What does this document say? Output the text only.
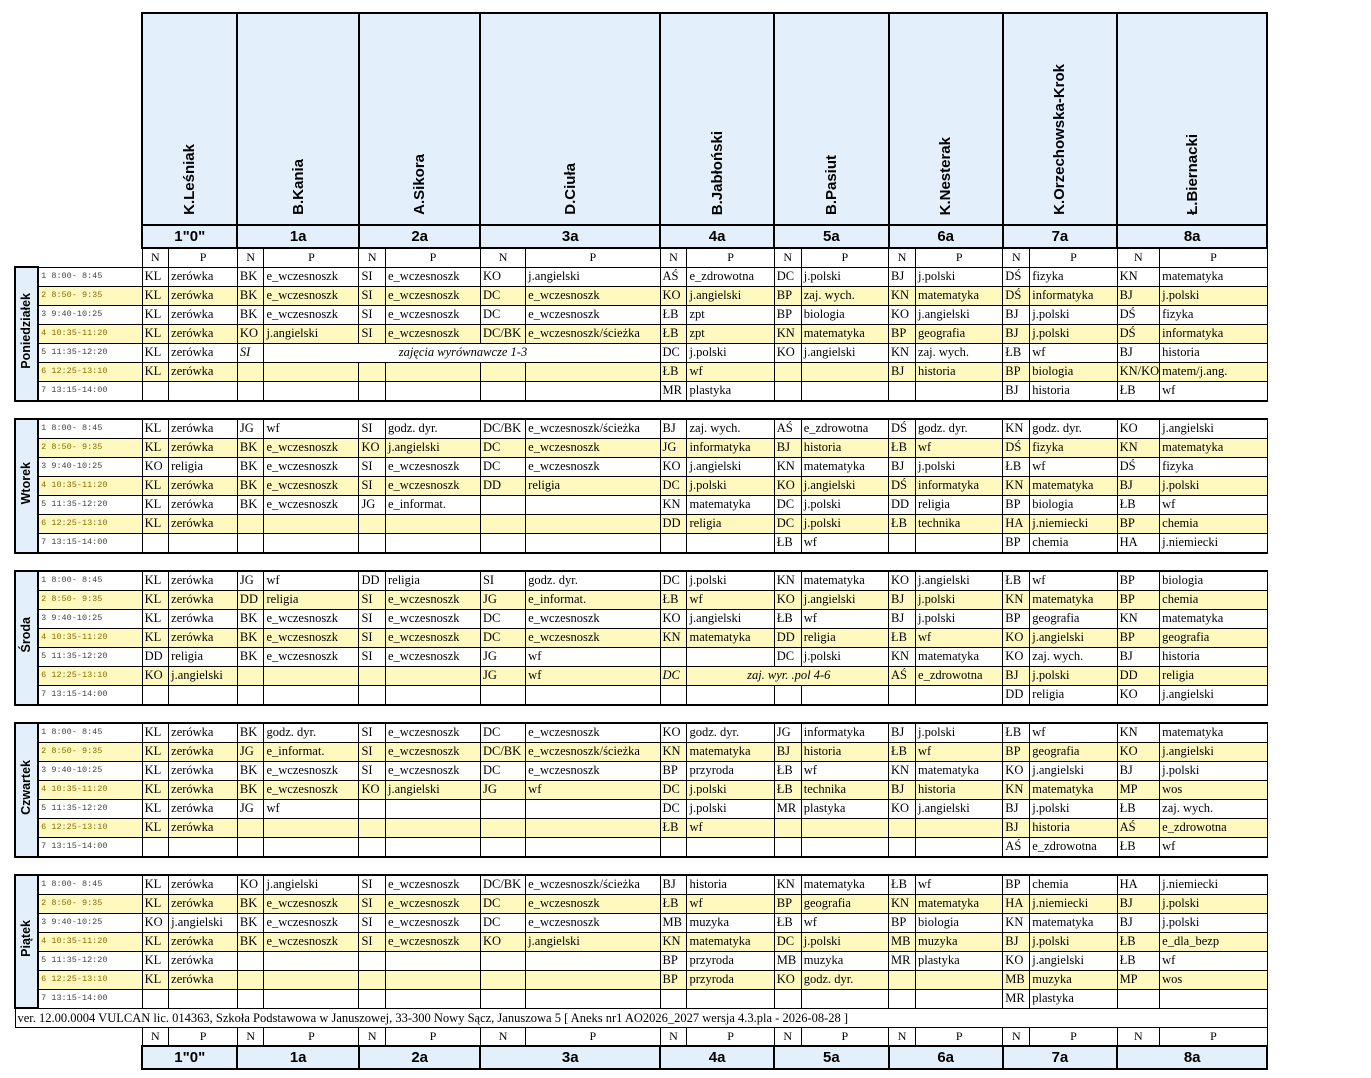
		K.Leśniak		B.Kania		A.Sikora		D.Ciuła		B.Jabłoński		B.Pasiut		K.Nesterak		K.Orzechowska-Krok		Ł.Biernacki	
		1"0"		1a		2a		3a		4a		5a		6a		7a		8a	
		N	P	N	P	N	P	N	P	N	P	N	P	N	P	N	P	N	P
Poniedziałek	1 8:00- 8:45	KL	zerówka	BK	e_wczesnoszk	SI	e_wczesnoszk	KO	j.angielski	AŚ	e_zdrowotna	DC	j.polski	BJ	j.polski	DŚ	fizyka	KN	matematyka
	2 8:50- 9:35	KL	zerówka	BK	e_wczesnoszk	SI	e_wczesnoszk	DC	e_wczesnoszk	KO	j.angielski	BP	zaj. wych.	KN	matematyka	DŚ	informatyka	BJ	j.polski
	3 9:40-10:25	KL	zerówka	BK	e_wczesnoszk	SI	e_wczesnoszk	DC	e_wczesnoszk	ŁB	zpt	BP	biologia	KO	j.angielski	BJ	j.polski	DŚ	fizyka
	4 10:35-11:20	KL	zerówka	KO	j.angielski	SI	e_wczesnoszk	DC/BK	e_wczesnoszk/ścieżka	ŁB	zpt	KN	matematyka	BP	geografia	BJ	j.polski	DŚ	informatyka
	5 11:35-12:20	KL	zerówka	SI	zajęcia wyrównawcze 1-3					DC	j.polski	KO	j.angielski	KN	zaj. wych.	ŁB	wf	BJ	historia
	6 12:25-13:10	KL	zerówka							ŁB	wf			BJ	historia	BP	biologia	KN/KO	matem/j.ang.
	7 13:15-14:00									MR	plastyka					BJ	historia	ŁB	wf

Wtorek	1 8:00- 8:45	KL	zerówka	JG	wf	SI	godz. dyr.	DC/BK	e_wczesnoszk/ścieżka	BJ	zaj. wych.	AŚ	e_zdrowotna	DŚ	godz. dyr.	KN	godz. dyr.	KO	j.angielski
	2 8:50- 9:35	KL	zerówka	BK	e_wczesnoszk	KO	j.angielski	DC	e_wczesnoszk	JG	informatyka	BJ	historia	ŁB	wf	DŚ	fizyka	KN	matematyka
	3 9:40-10:25	KO	religia	BK	e_wczesnoszk	SI	e_wczesnoszk	DC	e_wczesnoszk	KO	j.angielski	KN	matematyka	BJ	j.polski	ŁB	wf	DŚ	fizyka
	4 10:35-11:20	KL	zerówka	BK	e_wczesnoszk	SI	e_wczesnoszk	DD	religia	DC	j.polski	KO	j.angielski	DŚ	informatyka	KN	matematyka	BJ	j.polski
	5 11:35-12:20	KL	zerówka	BK	e_wczesnoszk	JG	e_informat.			KN	matematyka	DC	j.polski	DD	religia	BP	biologia	ŁB	wf
	6 12:25-13:10	KL	zerówka							DD	religia	DC	j.polski	ŁB	technika	HA	j.niemiecki	BP	chemia
	7 13:15-14:00											ŁB	wf			BP	chemia	HA	j.niemiecki

Środa	1 8:00- 8:45	KL	zerówka	JG	wf	DD	religia	SI	godz. dyr.	DC	j.polski	KN	matematyka	KO	j.angielski	ŁB	wf	BP	biologia
	2 8:50- 9:35	KL	zerówka	DD	religia	SI	e_wczesnoszk	JG	e_informat.	ŁB	wf	KO	j.angielski	BJ	j.polski	KN	matematyka	BP	chemia
	3 9:40-10:25	KL	zerówka	BK	e_wczesnoszk	SI	e_wczesnoszk	DC	e_wczesnoszk	KO	j.angielski	ŁB	wf	BJ	j.polski	BP	geografia	KN	matematyka
	4 10:35-11:20	KL	zerówka	BK	e_wczesnoszk	SI	e_wczesnoszk	DC	e_wczesnoszk	KN	matematyka	DD	religia	ŁB	wf	KO	j.angielski	BP	geografia
	5 11:35-12:20	DD	religia	BK	e_wczesnoszk	SI	e_wczesnoszk	JG	wf			DC	j.polski	KN	matematyka	KO	zaj. wych.	BJ	historia
	6 12:25-13:10	KO	j.angielski					JG	wf	DC	zaj. wyr. .pol 4-6			AŚ	e_zdrowotna	BJ	j.polski	DD	religia
	7 13:15-14:00															DD	religia	KO	j.angielski

Czwartek	1 8:00- 8:45	KL	zerówka	BK	godz. dyr.	SI	e_wczesnoszk	DC	e_wczesnoszk	KO	godz. dyr.	JG	informatyka	BJ	j.polski	ŁB	wf	KN	matematyka
	2 8:50- 9:35	KL	zerówka	JG	e_informat.	SI	e_wczesnoszk	DC/BK	e_wczesnoszk/ścieżka	KN	matematyka	BJ	historia	ŁB	wf	BP	geografia	KO	j.angielski
	3 9:40-10:25	KL	zerówka	BK	e_wczesnoszk	SI	e_wczesnoszk	DC	e_wczesnoszk	BP	przyroda	ŁB	wf	KN	matematyka	KO	j.angielski	BJ	j.polski
	4 10:35-11:20	KL	zerówka	BK	e_wczesnoszk	KO	j.angielski	JG	wf	DC	j.polski	ŁB	technika	BJ	historia	KN	matematyka	MP	wos
	5 11:35-12:20	KL	zerówka	JG	wf					DC	j.polski	MR	plastyka	KO	j.angielski	BJ	j.polski	ŁB	zaj. wych.
	6 12:25-13:10	KL	zerówka							ŁB	wf					BJ	historia	AŚ	e_zdrowotna
	7 13:15-14:00															AŚ	e_zdrowotna	ŁB	wf

Piątek	1 8:00- 8:45	KL	zerówka	KO	j.angielski	SI	e_wczesnoszk	DC/BK	e_wczesnoszk/ścieżka	BJ	historia	KN	matematyka	ŁB	wf	BP	chemia	HA	j.niemiecki
	2 8:50- 9:35	KL	zerówka	BK	e_wczesnoszk	SI	e_wczesnoszk	DC	e_wczesnoszk	ŁB	wf	BP	geografia	KN	matematyka	HA	j.niemiecki	BJ	j.polski
	3 9:40-10:25	KO	j.angielski	BK	e_wczesnoszk	SI	e_wczesnoszk	DC	e_wczesnoszk	MB	muzyka	ŁB	wf	BP	biologia	KN	matematyka	BJ	j.polski
	4 10:35-11:20	KL	zerówka	BK	e_wczesnoszk	SI	e_wczesnoszk	KO	j.angielski	KN	matematyka	DC	j.polski	MB	muzyka	BJ	j.polski	ŁB	e_dla_bezp
	5 11:35-12:20	KL	zerówka							BP	przyroda	MB	muzyka	MR	plastyka	KO	j.angielski	ŁB	wf
	6 12:25-13:10	KL	zerówka							BP	przyroda	KO	godz. dyr.			MB	muzyka	MP	wos
	7 13:15-14:00															MR	plastyka		
ver. 12.00.0004 VULCAN lic. 014363, Szkoła Podstawowa w Januszowej, 33-300 Nowy Sącz, Januszowa 5 [ Aneks nr1 AO2026_2027 wersja 4.3.pla - 2026-08-28 ]																			
		N	P	N	P	N	P	N	P	N	P	N	P	N	P	N	P	N	P
		1"0"		1a		2a		3a		4a		5a		6a		7a		8a	
